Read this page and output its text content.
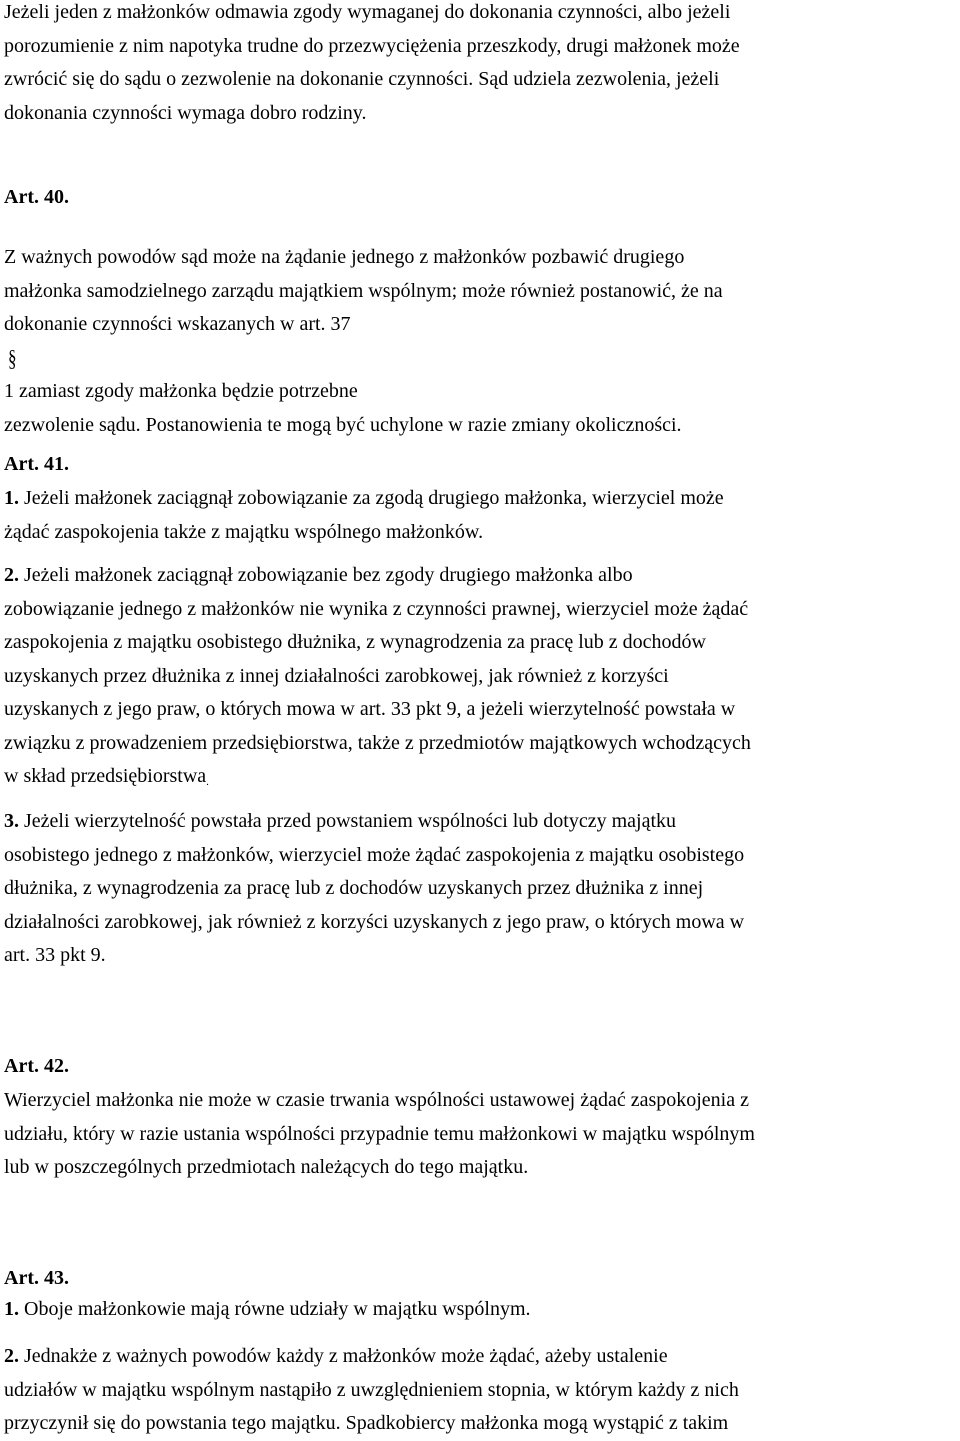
Jeżeli jeden z małżonków odmawia zgody wymaganej do dokonania czynności, albo jeżeli
porozumienie z nim napotyka trudne do przezwyciężenia przeszkody, drugi małżonek może
zwrócić się do sądu o zezwolenie na dokonanie czynności. Sąd udziela zezwolenia, jeżeli
dokonania czynności wymaga dobro rodziny.
Art. 40.
Z ważnych powodów sąd może na żądanie jednego z małżonków pozbawić drugiego
małżonka samodzielnego zarządu majątkiem wspólnym; może również postanowić, że na
dokonanie czynności wskazanych w art. 37
§
1 zamiast zgody małżonka będzie potrzebne
zezwolenie sądu. Postanowienia te mogą być uchylone w razie zmiany okoliczności.
Art. 41.
1. Jeżeli małżonek zaciągnął zobowiązanie za zgodą drugiego małżonka, wierzyciel może
żądać zaspokojenia także z majątku wspólnego małżonków.
2. Jeżeli małżonek zaciągnął zobowiązanie bez zgody drugiego małżonka albo
zobowiązanie jednego z małżonków nie wynika z czynności prawnej, wierzyciel może żądać
zaspokojenia z majątku osobistego dłużnika, z wynagrodzenia za pracę lub z dochodów
uzyskanych przez dłużnika z innej działalności zarobkowej, jak również z korzyści
uzyskanych z jego praw, o których mowa w art. 33 pkt 9, a jeżeli wierzytelność powstała w
związku z prowadzeniem przedsiębiorstwa, także z przedmiotów majątkowych wchodzących
w skład przedsiębiorstwa.
3. Jeżeli wierzytelność powstała przed powstaniem wspólności lub dotyczy majątku
osobistego jednego z małżonków, wierzyciel może żądać zaspokojenia z majątku osobistego
dłużnika, z wynagrodzenia za pracę lub z dochodów uzyskanych przez dłużnika z innej
działalności zarobkowej, jak również z korzyści uzyskanych z jego praw, o których mowa w
art. 33 pkt 9.
Art. 42.
Wierzyciel małżonka nie może w czasie trwania wspólności ustawowej żądać zaspokojenia z
udziału, który w razie ustania wspólności przypadnie temu małżonkowi w majątku wspólnym
lub w poszczególnych przedmiotach należących do tego majątku.
Art. 43.
1. Oboje małżonkowie mają równe udziały w majątku wspólnym.
2. Jednakże z ważnych powodów każdy z małżonków może żądać, ażeby ustalenie
udziałów w majątku wspólnym nastąpiło z uwzględnieniem stopnia, w którym każdy z nich
przyczynił się do powstania tego majątku. Spadkobiercy małżonka mogą wystąpić z takim
